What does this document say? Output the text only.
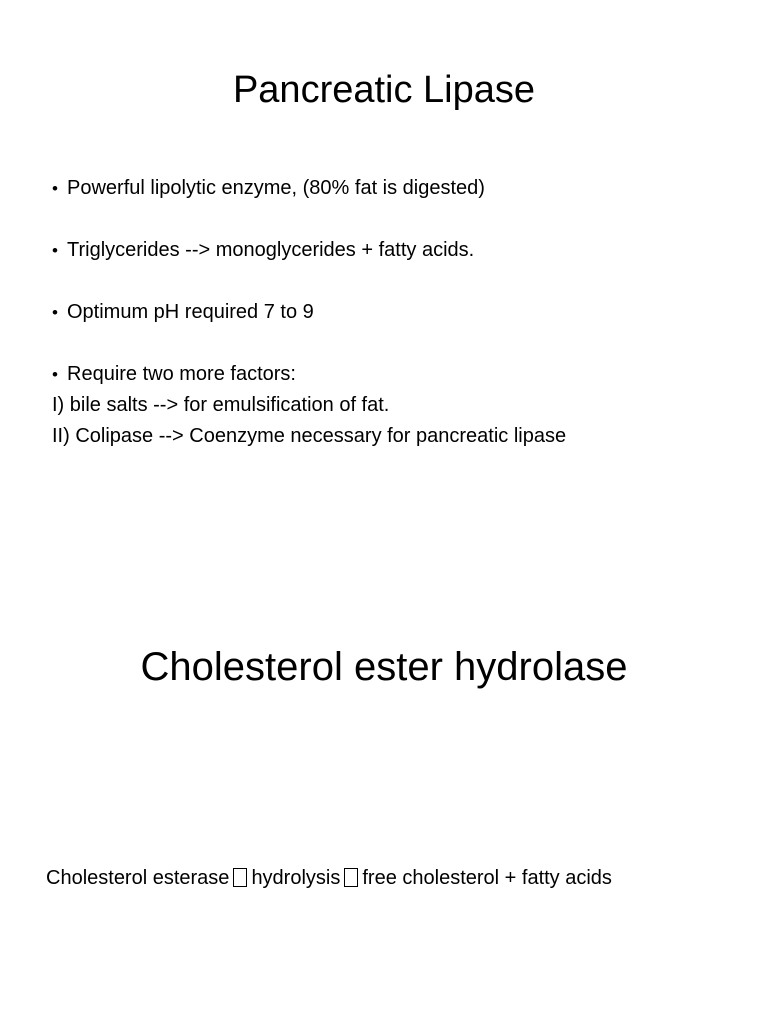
Pancreatic Lipase
• Powerful lipolytic enzyme, (80% fat is digested)
• Triglycerides --> monoglycerides + fatty acids.
• Optimum pH required 7 to 9
• Require two more factors:
I) bile salts --> for emulsification of fat.
II) Colipase --> Coenzyme necessary for pancreatic lipase
Cholesterol ester hydrolase
Cholesterol esterase hydrolysis free cholesterol + fatty acids
